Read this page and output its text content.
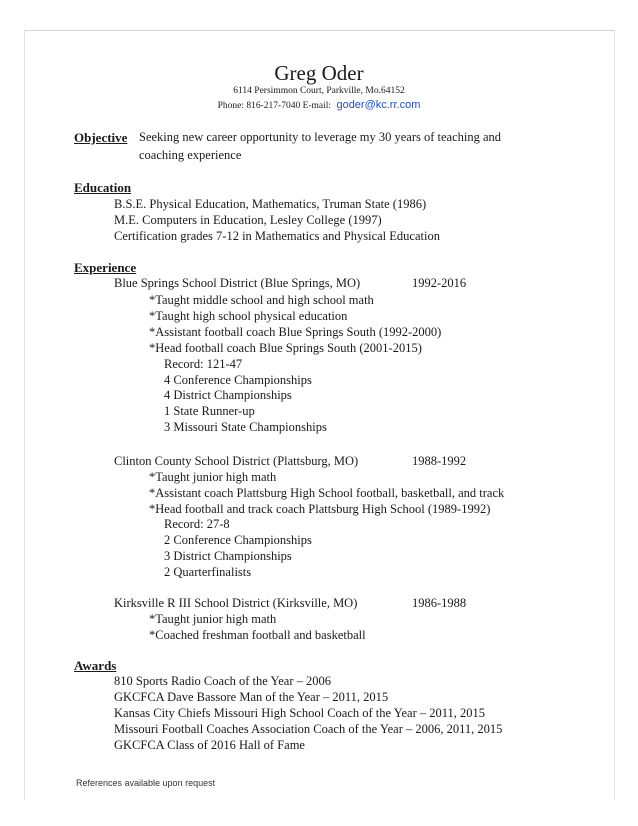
Greg Oder
6114 Persimmon Court, Parkville, Mo.64152
Phone: 816-217-7040 E-mail: goder@kc.rr.com
Objective Seeking new career opportunity to leverage my 30 years of teaching and
coaching experience
Education
B.S.E. Physical Education, Mathematics, Truman State (1986)
M.E. Computers in Education, Lesley College (1997)
Certification grades 7-12 in Mathematics and Physical Education
Experience
Blue Springs School District (Blue Springs, MO)	1992-2016
*Taught middle school and high school math
*Taught high school physical education
*Assistant football coach Blue Springs South (1992-2000)
*Head football coach Blue Springs South (2001-2015)
Record: 121-47
4 Conference Championships
4 District Championships
1 State Runner-up
3 Missouri State Championships
Clinton County School District (Plattsburg, MO)	1988-1992
*Taught junior high math
*Assistant coach Plattsburg High School football, basketball, and track
*Head football and track coach Plattsburg High School (1989-1992)
Record: 27-8
2 Conference Championships
3 District Championships
2 Quarterfinalists
Kirksville R III School District (Kirksville, MO)	1986-1988
*Taught junior high math
*Coached freshman football and basketball
Awards
810 Sports Radio Coach of the Year – 2006
GKCFCA Dave Bassore Man of the Year – 2011, 2015
Kansas City Chiefs Missouri High School Coach of the Year – 2011, 2015
Missouri Football Coaches Association Coach of the Year – 2006, 2011, 2015
GKCFCA Class of 2016 Hall of Fame
References available upon request
